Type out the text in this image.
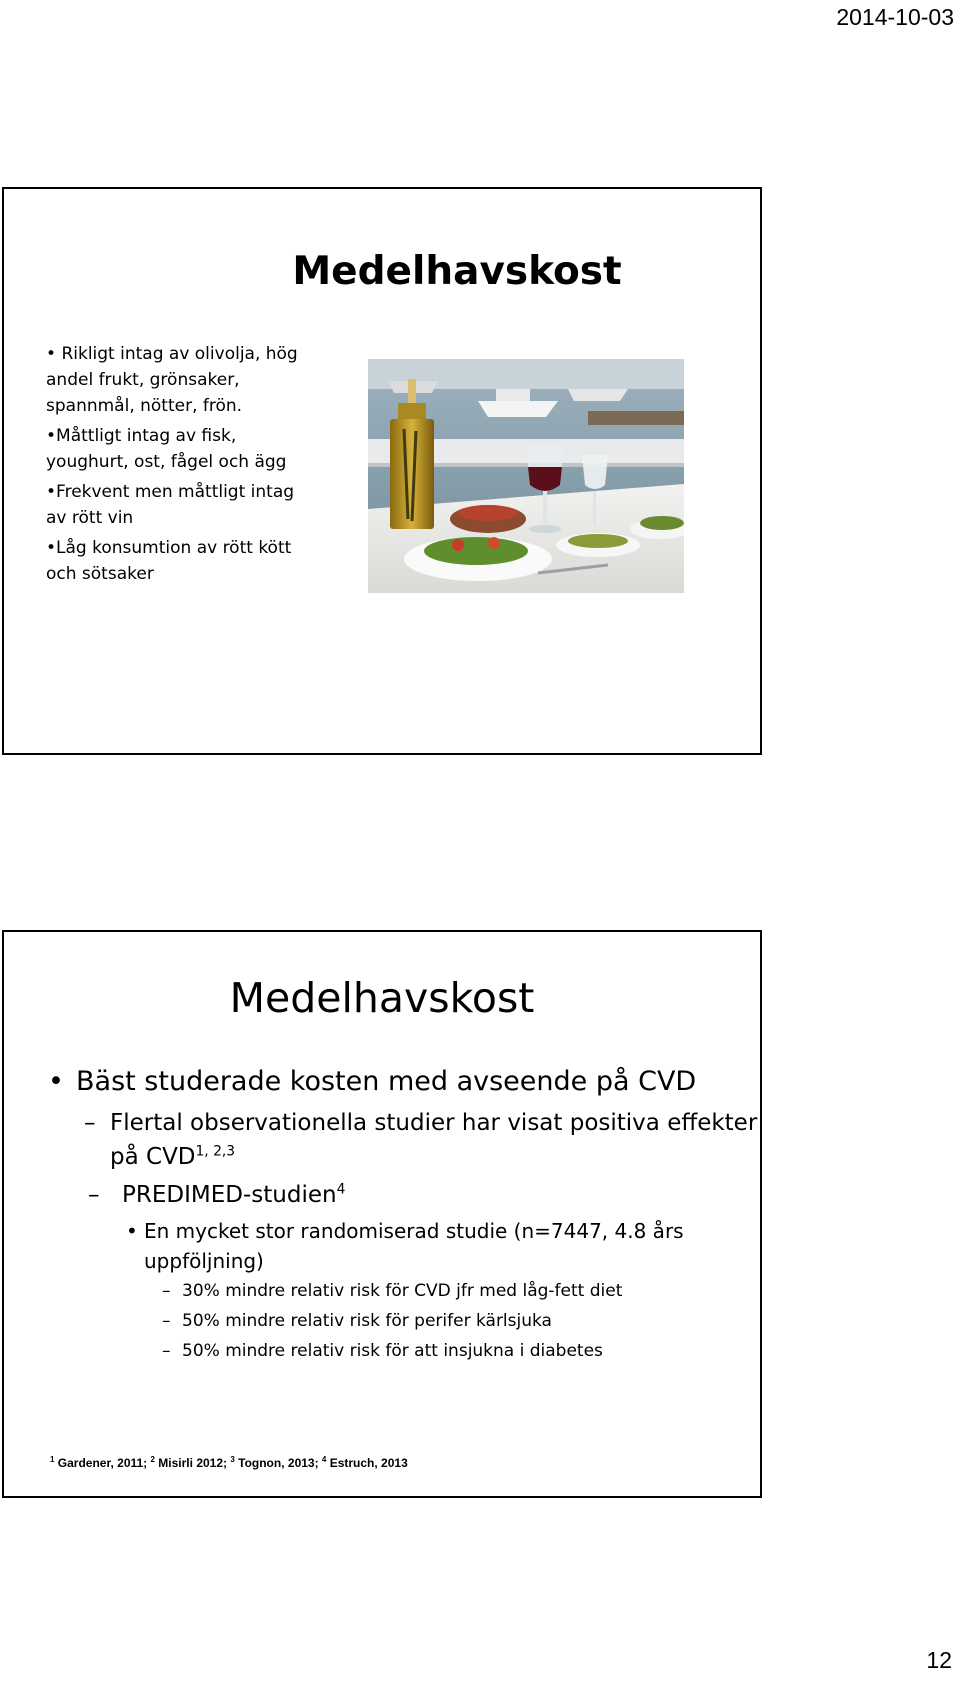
2014-10-03
Medelhavskost
• Rikligt intag av olivolja, hög andel frukt, grönsaker, spannmål, nötter, frön.
•Måttligt intag av fisk, youghurt, ost, fågel och ägg
•Frekvent men måttligt intag av rött vin
•Låg konsumtion av rött kött och sötsaker
Medelhavskost
• Bäst studerade kosten med avseende på CVD
– Flertal observationella studier har visat positiva effekter på CVD$^{1, 2,3}$
– PREDIMED-studien$^4$
• En mycket stor randomiserad studie (n=7447, 4.8 års uppföljning)
– 30% mindre relativ risk för CVD jfr med låg-fett diet
– 50% mindre relativ risk för perifer kärlsjuka
– 50% mindre relativ risk för att insjukna i diabetes
$^1$ Gardener, 2011; $^2$ Misirli 2012; $^3$ Tognon, 2013; $^4$ Estruch, 2013
12
